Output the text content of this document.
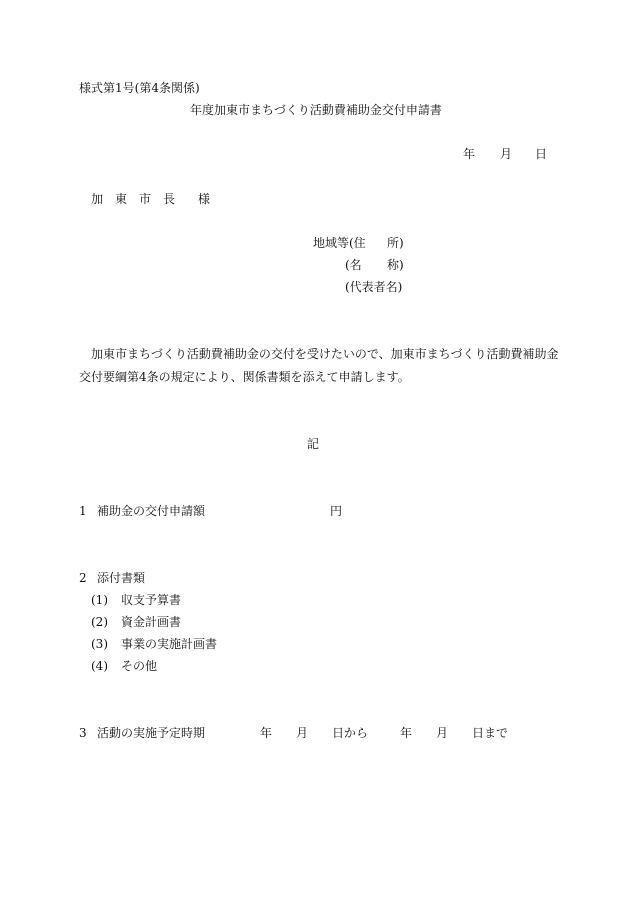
様式第1号(第4条関係)

年度加東市まちづくり活動費補助金交付申請書

年 月 日

加 東 市 長 様

地域等(住 所)

(名 称)

(代表者名)

加東市まちづくり活動費補助金の交付を受けたいので、加東市まちづくり活動費補助金

交付要綱第4条の規定により、関係書類を添えて申請します。

記

1 補助金の交付申請額	円

2 添付書類

(1) 収支予算書

(2) 資金計画書

(3) 事業の実施計画書

(4) その他

3 活動の実施予定時期	年 月 日から	年 月 日まで
